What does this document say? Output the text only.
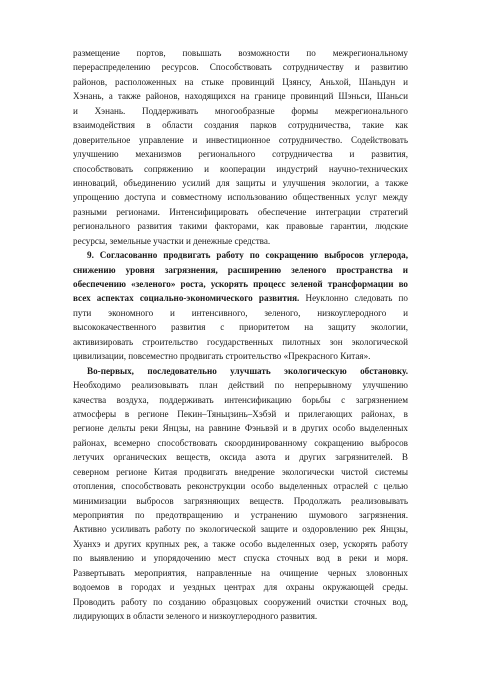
размещение портов, повышать возможности по межрегиональному
перераспределению ресурсов. Способствовать сотрудничеству и развитию
районов, расположенных на стыке провинций Цзянсу, Аньхой, Шаньдун и
Хэнань, а также районов, находящихся на границе провинций Шэньси, Шаньси
и Хэнань. Поддерживать многообразные формы межрегионального
взаимодействия в области создания парков сотрудничества, такие как
доверительное управление и инвестиционное сотрудничество. Содействовать
улучшению механизмов регионального сотрудничества и развития,
способствовать сопряжению и кооперации индустрий научно-технических
инноваций, объединению усилий для защиты и улучшения экологии, а также
упрощению доступа и совместному использованию общественных услуг между
разными регионами. Интенсифицировать обеспечение интеграции стратегий
регионального развития такими факторами, как правовые гарантии, людские
ресурсы, земельные участки и денежные средства.
9. Согласованно продвигать работу по сокращению выбросов углерода,
снижению уровня загрязнения, расширению зеленого пространства и
обеспечению «зеленого» роста, ускорять процесс зеленой трансформации во
всех аспектах социально-экономического развития. Неуклонно следовать по
пути экономного и интенсивного, зеленого, низкоуглеродного и
высококачественного развития с приоритетом на защиту экологии,
активизировать строительство государственных пилотных зон экологической
цивилизации, повсеместно продвигать строительство «Прекрасного Китая».
Во-первых, последовательно улучшать экологическую обстановку.
Необходимо реализовывать план действий по непрерывному улучшению
качества воздуха, поддерживать интенсификацию борьбы с загрязнением
атмосферы в регионе Пекин–Тяньцзинь–Хэбэй и прилегающих районах, в
регионе дельты реки Янцзы, на равнине Фэньвэй и в других особо выделенных
районах, всемерно способствовать скоординированному сокращению выбросов
летучих органических веществ, оксида азота и других загрязнителей. В
северном регионе Китая продвигать внедрение экологически чистой системы
отопления, способствовать реконструкции особо выделенных отраслей с целью
минимизации выбросов загрязняющих веществ. Продолжать реализовывать
мероприятия по предотвращению и устранению шумового загрязнения.
Активно усиливать работу по экологической защите и оздоровлению рек Янцзы,
Хуанхэ и других крупных рек, а также особо выделенных озер, ускорять работу
по выявлению и упорядочению мест спуска сточных вод в реки и моря.
Развертывать мероприятия, направленные на очищение черных зловонных
водоемов в городах и уездных центрах для охраны окружающей среды.
Проводить работу по созданию образцовых сооружений очистки сточных вод,
лидирующих в области зеленого и низкоуглеродного развития.
